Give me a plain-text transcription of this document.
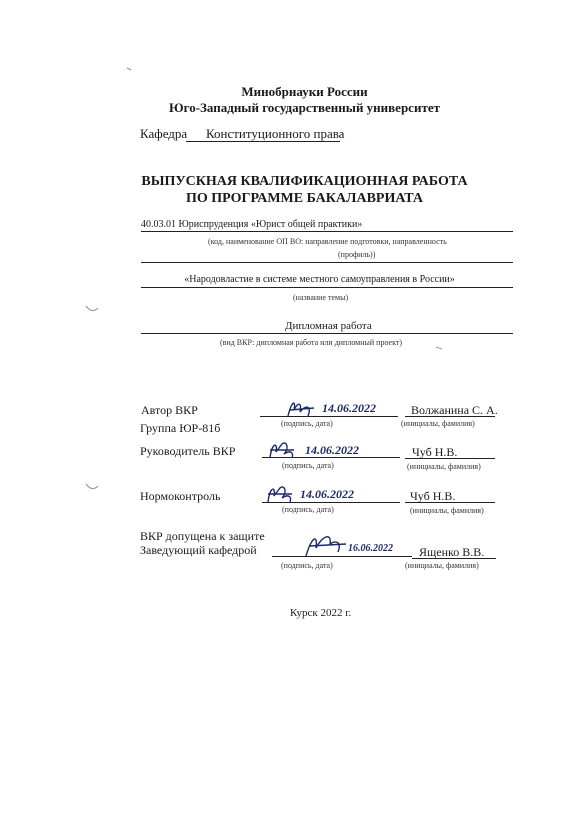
Минобрнауки России
Юго-Западный государственный университет
Кафедра Конституционного права
ВЫПУСКНАЯ КВАЛИФИКАЦИОННАЯ РАБОТА
ПО ПРОГРАММЕ БАКАЛАВРИАТА
40.03.01 Юриспруденция «Юрист общей практики»
(код, наименование ОП ВО: направление подготовки, направленность
(профиль))
«Народовластие в системе местного самоуправления в России»
(название темы)
Дипломная работа
(вид ВКР: дипломная работа или дипломный проект)
Автор ВКР	14.06.2022
(подпись, дата)
Волжанина С. А.
(инициалы, фамилия)
Группа ЮР-81б
Руководитель ВКР	14.06.2022
(подпись, дата)
Чуб Н.В.
(инициалы, фамилия)
Нормоконтроль	14.06.2022
(подпись, дата)
Чуб Н.В.
(инициалы, фамилия)
ВКР допущена к защите
Заведующий кафедрой	16.06.2022
(подпись, дата)
Ященко В.В.
(инициалы, фамилия)
Курск 2022 г.
